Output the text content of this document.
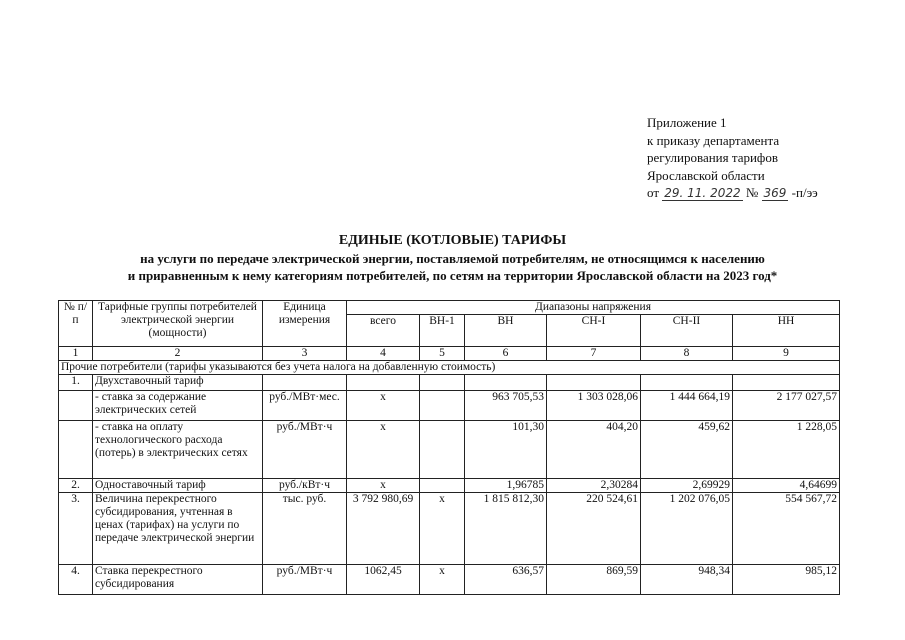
Приложение 1
к приказу департамента
регулирования тарифов
Ярославской области
от 29. 11. 2022 № 369 -п/ээ
ЕДИНЫЕ (КОТЛОВЫЕ) ТАРИФЫ
на услуги по передаче электрической энергии, поставляемой потребителям, не относящимся к населению
и приравненным к нему категориям потребителей, по сетям на территории Ярославской области на 2023 год*
№ п/п	Тарифные группы потребителей электрической энергии (мощности)	Единица измерения	Диапазоны напряжения					
			всего	ВН-1	ВН	СН-I	СН-II	НН
1	2	3	4	5	6	7	8	9
Прочие потребители (тарифы указываются без учета налога на добавленную стоимость)								
1.	Двухставочный тариф							
	- ставка за содержание электрических сетей	руб./МВт·мес.	х		963 705,53	1 303 028,06	1 444 664,19	2 177 027,57
	- ставка на оплату технологического расхода (потерь) в электрических сетях	руб./МВт·ч	х		101,30	404,20	459,62	1 228,05
2.	Одноставочный тариф	руб./кВт·ч	х		1,96785	2,30284	2,69929	4,64699
3.	Величина перекрестного субсидирования, учтенная в ценах (тарифах) на услуги по передаче электрической энергии	тыс. руб.	3 792 980,69	х	1 815 812,30	220 524,61	1 202 076,05	554 567,72
4.	Ставка перекрестного субсидирования	руб./МВт·ч	1062,45	х	636,57	869,59	948,34	985,12
